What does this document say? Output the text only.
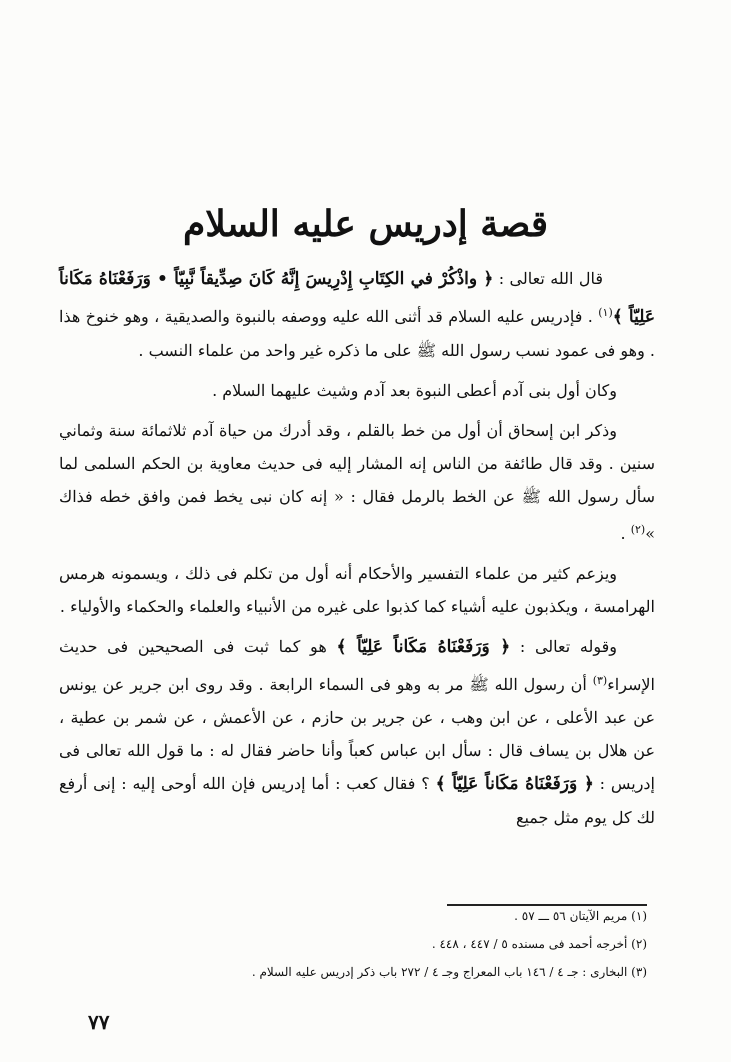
قصة إدريس عليه السلام

قال الله تعالى : ﴿ واذْكُرْ في الكِتَابِ إِدْرِيسَ إِنَّهُ كَانَ صِدِّيقاً نَّبِيّاً • وَرَفَعْنَاهُ مَكَاناً عَلِيّاً ﴾$^{(١)}$ . فإدريس عليه السلام قد أثنى الله عليه ووصفه بالنبوة والصديقية ، وهو خنوخ هذا . وهو فى عمود نسب رسول الله ﷺ على ما ذكره غير واحد من علماء النسب .

وكان أول بنى آدم أعطى النبوة بعد آدم وشيث عليهما السلام .

وذكر ابن إسحاق أن أول من خط بالقلم ، وقد أدرك من حياة آدم ثلاثمائة سنة وثماني سنين . وقد قال طائفة من الناس إنه المشار إليه فى حديث معاوية بن الحكم السلمى لما سأل رسول الله ﷺ عن الخط بالرمل فقال : « إنه كان نبى يخط فمن وافق خطه فذاك »$^{(٢)}$ .

ويزعم كثير من علماء التفسير والأحكام أنه أول من تكلم فى ذلك ، ويسمونه هرمس الهرامسة ، ويكذبون عليه أشياء كما كذبوا على غيره من الأنبياء والعلماء والحكماء والأولياء .

وقوله تعالى : ﴿ وَرَفَعْنَاهُ مَكَاناً عَلِيّاً ﴾ هو كما ثبت فى الصحيحين فى حديث الإسراء$^{(٣)}$ أن رسول الله ﷺ مر به وهو فى السماء الرابعة . وقد روى ابن جرير عن يونس عن عبد الأعلى ، عن ابن وهب ، عن جرير بن حازم ، عن الأعمش ، عن شمر بن عطية ، عن هلال بن يساف قال : سأل ابن عباس كعباً وأنا حاضر فقال له : ما قول الله تعالى فى إدريس : ﴿ وَرَفَعْنَاهُ مَكَاناً عَلِيّاً ﴾ ؟ فقال كعب : أما إدريس فإن الله أوحى إليه : إنى أرفع لك كل يوم مثل جميع

(١) مريم الآيتان ٥٦ ـــ ٥٧ .
(٢) أخرجه أحمد فى مسنده ٥ / ٤٤٧ ، ٤٤٨ .
(٣) البخارى : جـ ٤ / ١٤٦ باب المعراج وجـ ٤ / ٢٧٢ باب ذكر إدريس عليه السلام .
٧٧
